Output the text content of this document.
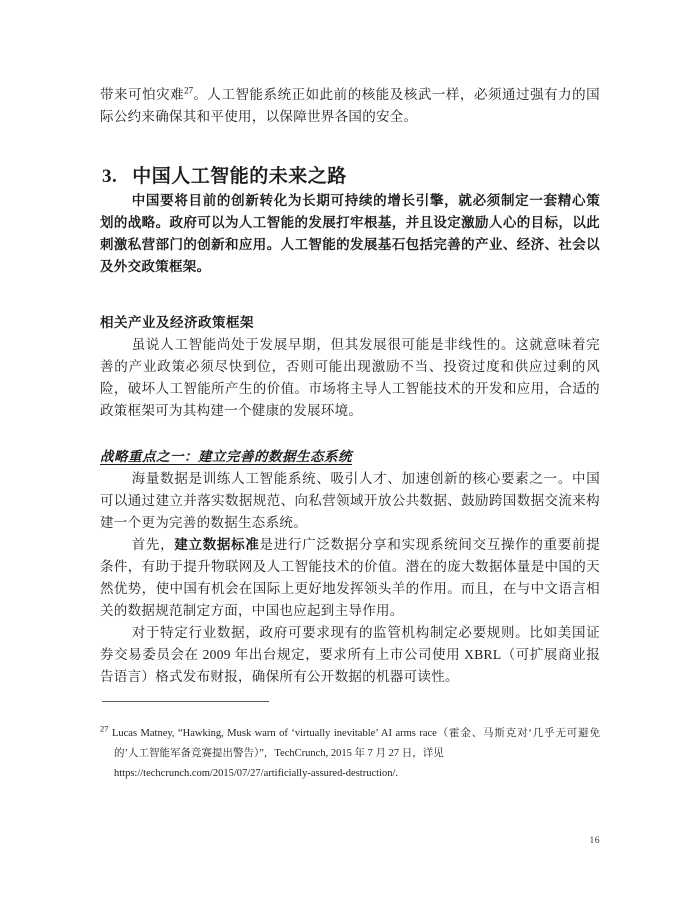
带来可怕灾难$^{27}$。人工智能系统正如此前的核能及核武一样，必须通过强有力的国际公约来确保其和平使用，以保障世界各国的安全。

3. 中国人工智能的未来之路

中国要将目前的创新转化为长期可持续的增长引擎，就必须制定一套精心策划的战略。政府可以为人工智能的发展打牢根基，并且设定激励人心的目标，以此刺激私营部门的创新和应用。人工智能的发展基石包括完善的产业、经济、社会以及外交政策框架。

相关产业及经济政策框架

虽说人工智能尚处于发展早期，但其发展很可能是非线性的。这就意味着完善的产业政策必须尽快到位，否则可能出现激励不当、投资过度和供应过剩的风险，破坏人工智能所产生的价值。市场将主导人工智能技术的开发和应用，合适的政策框架可为其构建一个健康的发展环境。

战略重点之一：建立完善的数据生态系统

海量数据是训练人工智能系统、吸引人才、加速创新的核心要素之一。中国可以通过建立并落实数据规范、向私营领域开放公共数据、鼓励跨国数据交流来构建一个更为完善的数据生态系统。

首先，建立数据标准是进行广泛数据分享和实现系统间交互操作的重要前提条件，有助于提升物联网及人工智能技术的价值。潜在的庞大数据体量是中国的天然优势，使中国有机会在国际上更好地发挥领头羊的作用。而且，在与中文语言相关的数据规范制定方面，中国也应起到主导作用。

对于特定行业数据，政府可要求现有的监管机构制定必要规则。比如美国证券交易委员会在 2009 年出台规定，要求所有上市公司使用 XBRL（可扩展商业报告语言）格式发布财报，确保所有公开数据的机器可读性。

$^{27}$ Lucas Matney, “Hawking, Musk warn of ‘virtually inevitable’ AI arms race（霍金、马斯克对‘几乎无可避免的’人工智能军备竞赛提出警告）”，TechCrunch, 2015 年 7 月 27 日，详见
https://techcrunch.com/2015/07/27/artificially-assured-destruction/.
16
